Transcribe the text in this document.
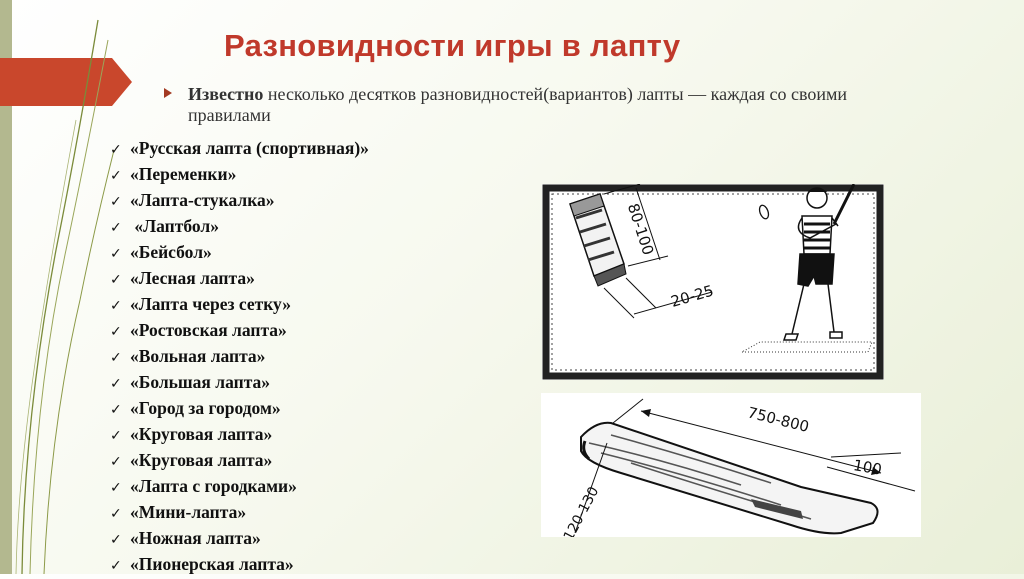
Разновидности игры в лапту
Известно несколько десятков разновидностей(вариантов) лапты — каждая со своими правилами
✓ «Русская лапта (спортивная)»
✓ «Переменки»
✓ «Лапта-стукалка»
✓ «Лаптбол»
✓ «Бейсбол»
✓ «Лесная лапта»
✓ «Лапта через сетку»
✓ «Ростовская лапта»
✓ «Вольная лапта»
✓ «Большая лапта»
✓ «Город за городом»
✓ «Круговая лапта»
✓ «Круговая лапта»
✓ «Лапта с городками»
✓ «Мини-лапта»
✓ «Ножная лапта»
✓ «Пионерская лапта»
80-100
20-25
750-800
100
120-130
